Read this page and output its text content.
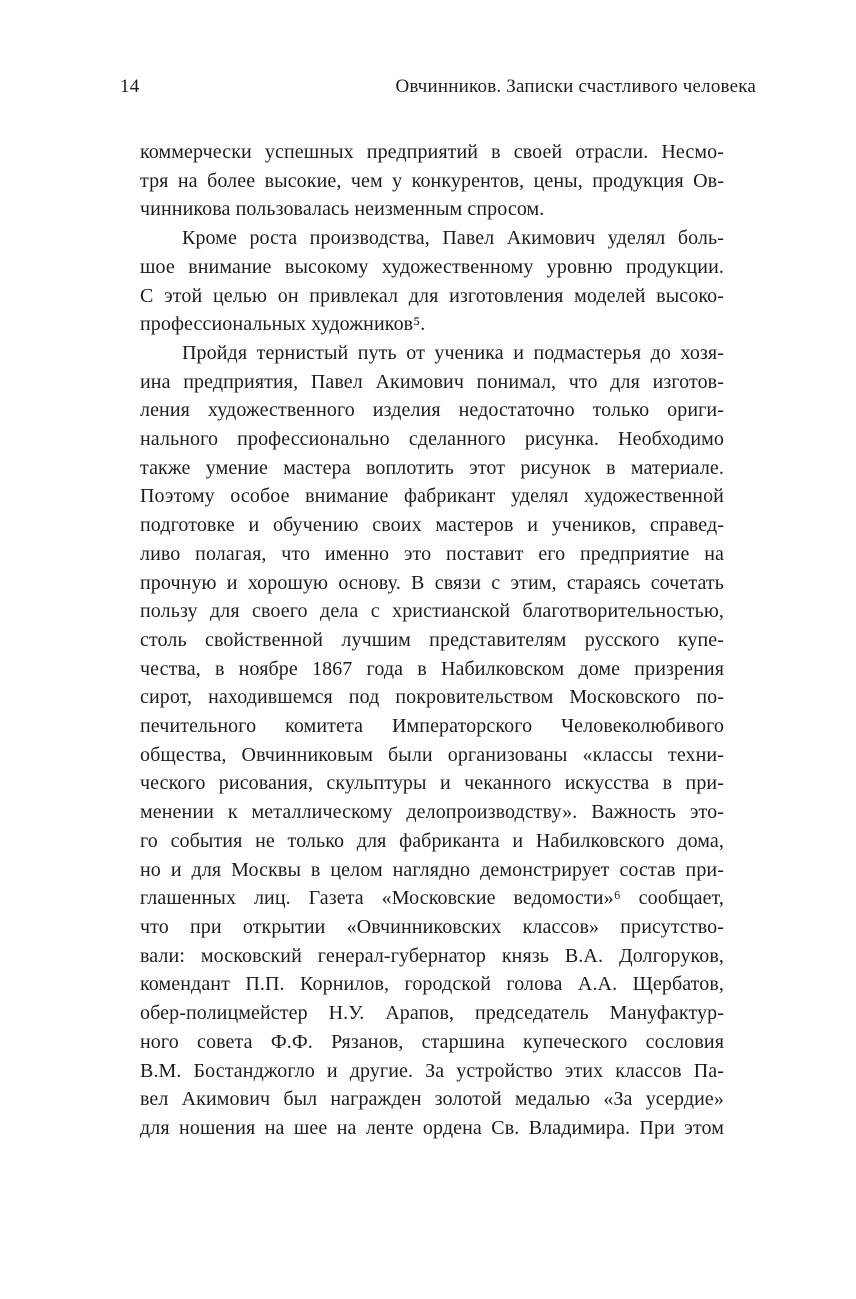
14	Овчинников. Записки счастливого человека

коммерчески успешных предприятий в своей отрасли. Несмо-
тря на более высокие, чем у конкурентов, цены, продукция Ов-
чинникова пользовалась неизменным спросом.

Кроме роста производства, Павел Акимович уделял боль-
шое внимание высокому художественному уровню продукции.
С этой целью он привлекал для изготовления моделей высоко-
профессиональных художников⁵.

Пройдя тернистый путь от ученика и подмастерья до хозя-
ина предприятия, Павел Акимович понимал, что для изготов-
ления художественного изделия недостаточно только ориги-
нального профессионально сделанного рисунка. Необходимо
также умение мастера воплотить этот рисунок в материале.
Поэтому особое внимание фабрикант уделял художественной
подготовке и обучению своих мастеров и учеников, справед-
ливо полагая, что именно это поставит его предприятие на
прочную и хорошую основу. В связи с этим, стараясь сочетать
пользу для своего дела с христианской благотворительностью,
столь свойственной лучшим представителям русского купе-
чества, в ноябре 1867 года в Набилковском доме призрения
сирот, находившемся под покровительством Московского по-
печительного комитета Императорского Человеколюбивого
общества, Овчинниковым были организованы «классы техни-
ческого рисования, скульптуры и чеканного искусства в при-
менении к металлическому делопроизводству». Важность это-
го события не только для фабриканта и Набилковского дома,
но и для Москвы в целом наглядно демонстрирует состав при-
глашенных лиц. Газета «Московские ведомости»⁶ сообщает,
что при открытии «Овчинниковских классов» присутство-
вали: московский генерал-губернатор князь В.А. Долгоруков,
комендант П.П. Корнилов, городской голова А.А. Щербатов,
обер-полицмейстер Н.У. Арапов, председатель Мануфактур-
ного совета Ф.Ф. Рязанов, старшина купеческого сословия
В.М. Бостанджогло и другие. За устройство этих классов Па-
вел Акимович был награжден золотой медалью «За усердие»
для ношения на шее на ленте ордена Св. Владимира. При этом
